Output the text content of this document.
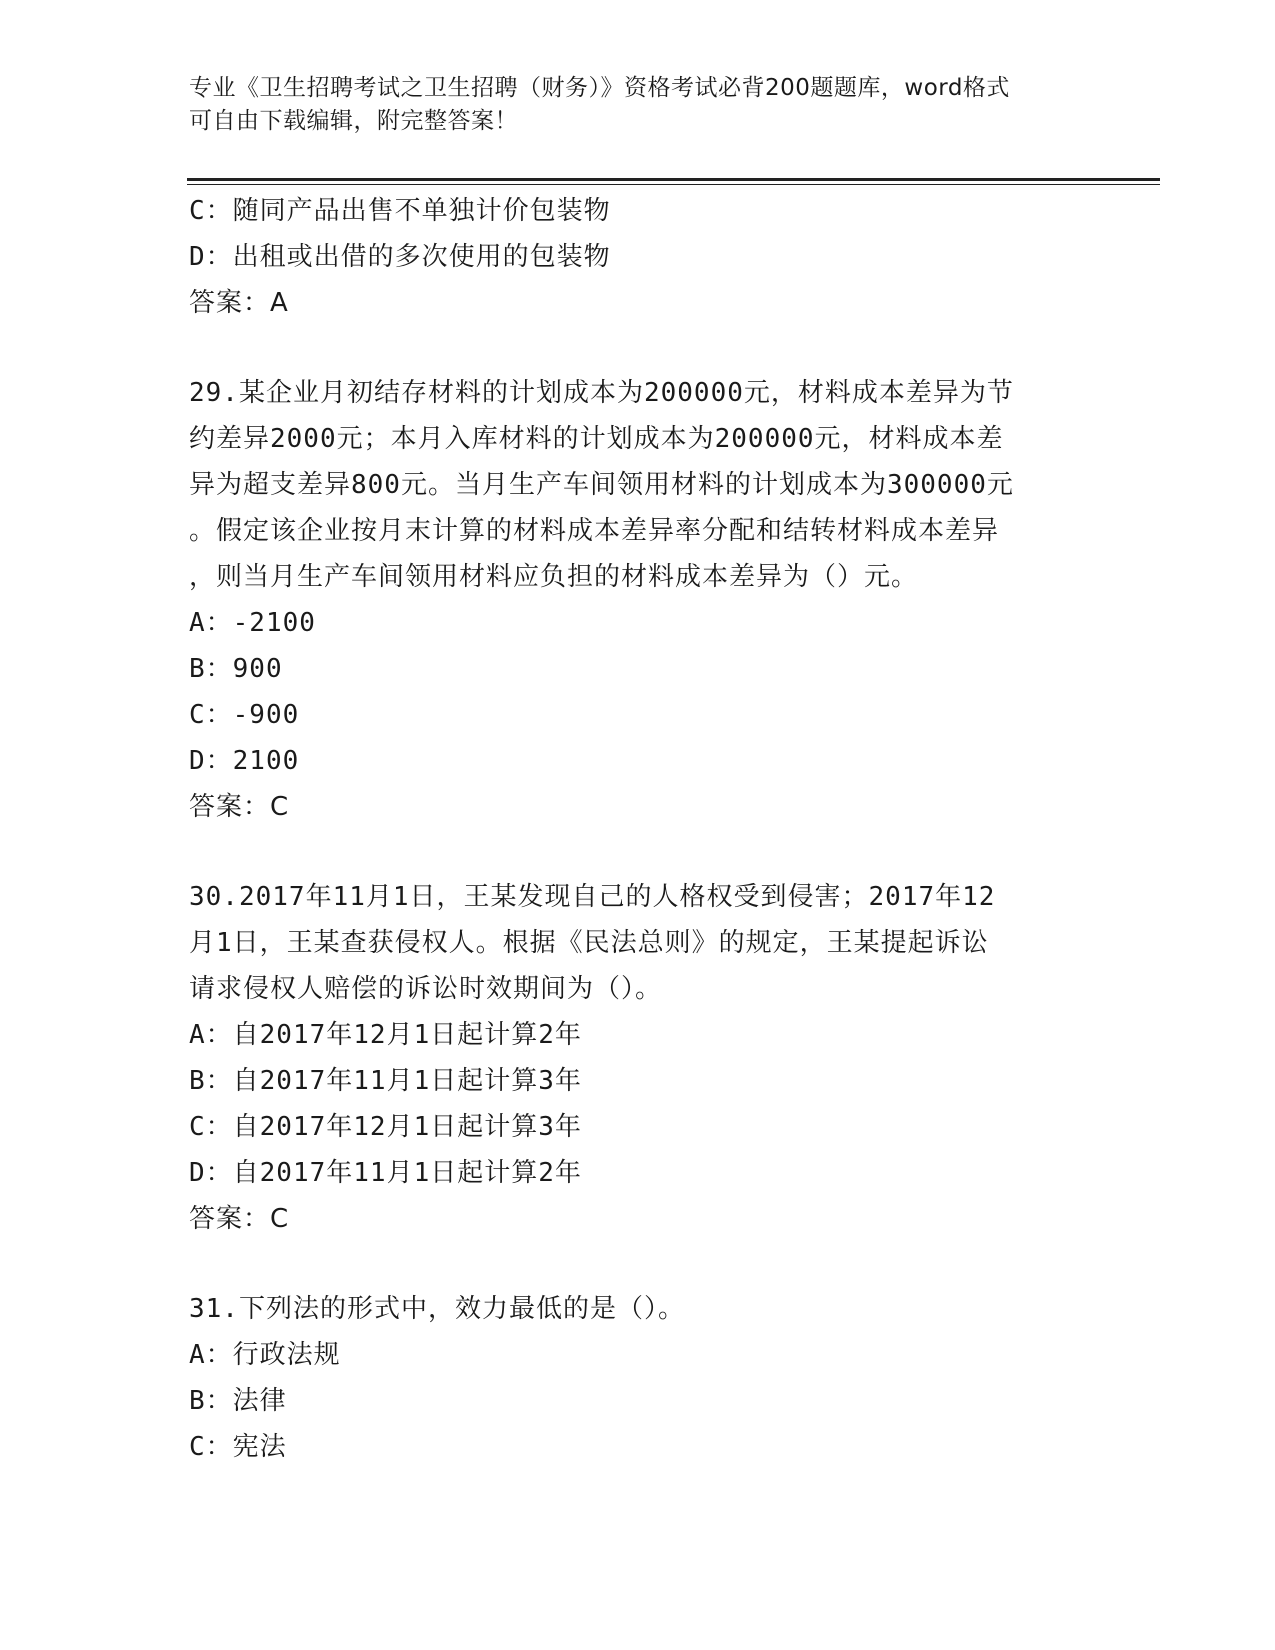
专业《卫生招聘考试之卫生招聘（财务）》资格考试必背200题题库，word格式
可自由下载编辑，附完整答案！
C：随同产品出售不单独计价包装物
D：出租或出借的多次使用的包装物
答案：A
29.某企业月初结存材料的计划成本为200000元，材料成本差异为节
约差异2000元；本月入库材料的计划成本为200000元，材料成本差
异为超支差异800元。当月生产车间领用材料的计划成本为300000元
。假定该企业按月末计算的材料成本差异率分配和结转材料成本差异
，则当月生产车间领用材料应负担的材料成本差异为（）元。
A：-2100
B：900
C：-900
D：2100
答案：C
30.2017年11月1日，王某发现自己的人格权受到侵害；2017年12
月1日，王某查获侵权人。根据《民法总则》的规定，王某提起诉讼
请求侵权人赔偿的诉讼时效期间为（）。
A：自2017年12月1日起计算2年
B：自2017年11月1日起计算3年
C：自2017年12月1日起计算3年
D：自2017年11月1日起计算2年
答案：C
31.下列法的形式中，效力最低的是（）。
A：行政法规
B：法律
C：宪法
